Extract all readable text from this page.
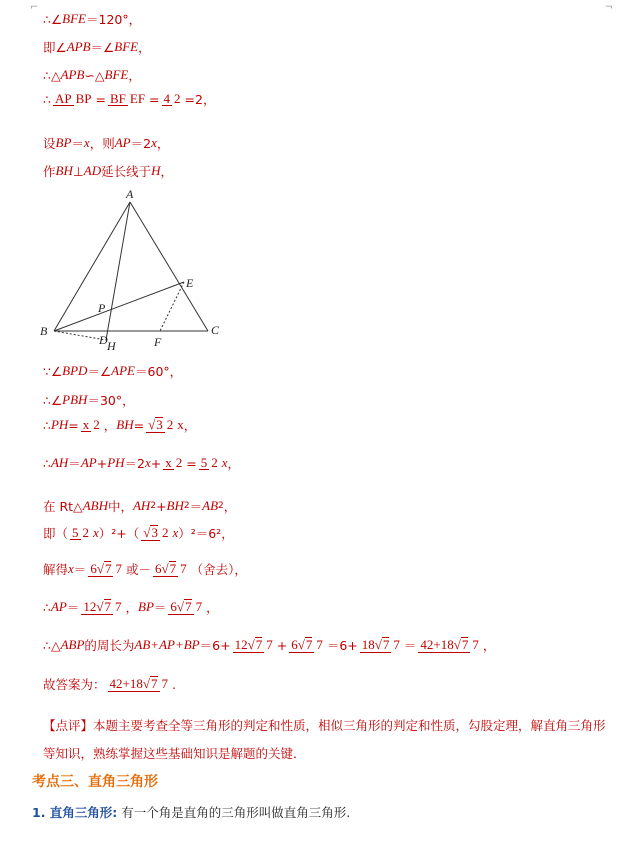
⌐	¬
∴∠ BFE ＝120°，
即∠ APB ＝∠ BFE ，
∴△ APB ∽△ BFE ，
∴ AP BP = BF EF = 4 2 =2，
设 BP ＝ x ，则 AP ＝2 x ，
作 BH ⊥ AD 延长线于 H ，
A
B	C
E
P
D H	F
∵∠ BPD ＝∠ APE ＝60°，
∴∠ PBH ＝30°，
∴ PH = x 2 ， BH = √3 2 x ，
∴ AH ＝ AP + PH ＝2 x + x 2 = 5 2 x ，
在 Rt△ ABH 中， AH 2 + BH 2 ＝ AB 2 ，
即（ 5 2 x ）²+（ √3 2 x ）²＝6²，
解得 x ＝ 6√7 7 或－ 6√7 7 （舍去），
∴ AP ＝ 12√7 7 ， BP ＝ 6√7 7 ，
∴△ ABP 的周长为 AB+AP+BP ＝6+ 12√7 7 + 6√7 7 ＝6+ 18√7 7 ＝ 42+18√7 7 ，
故答案为： 42+18√7 7 .
【点评】本题主要考查全等三角形的判定和性质，相似三角形的判定和性质，勾股定理，解直角三角形
等知识，熟练掌握这些基础知识是解题的关键．
考点三、直角三角形
1. 直角三角形: 有一个角是直角的三角形叫做直角三角形.
